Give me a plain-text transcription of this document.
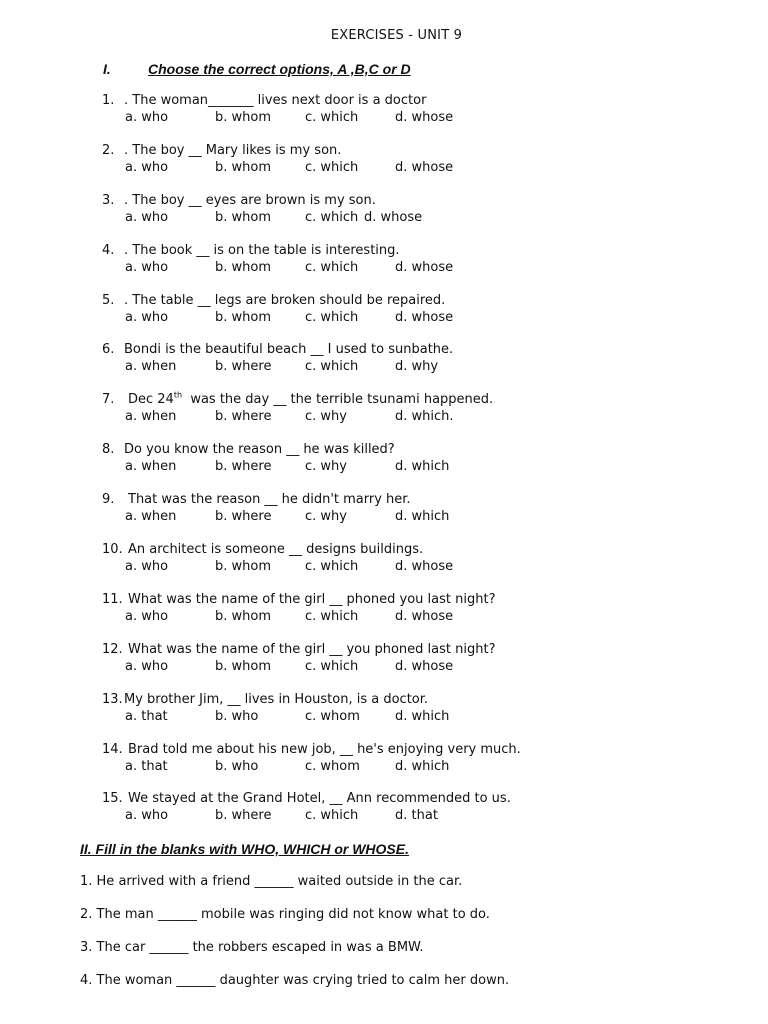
EXERCISES - UNIT 9
I.	Choose the correct options, A ,B,C or D
1. . The woman_______ lives next door is a doctor
a. who	b. whom	c. which	d. whose
2. . The boy __ Mary likes is my son.
a. who	b. whom	c. which	d. whose
3. . The boy __ eyes are brown is my son.
a. who	b. whom	c. which d. whose
4. . The book __ is on the table is interesting.
a. who	b. whom	c. which	d. whose
5. . The table __ legs are broken should be repaired.
a. who	b. whom	c. which	d. whose
6. Bondi is the beautiful beach __ I used to sunbathe.
a. when	b. where	c. which	d. why
7. Dec 24th  was the day __ the terrible tsunami happened.
a. when	b. where	c. why	d. which.
8. Do you know the reason __ he was killed?
a. when	b. where	c. why	d. which
9. That was the reason __ he didn't marry her.
a. when	b. where	c. why	d. which
10. An architect is someone __ designs buildings.
a. who	b. whom	c. which	d. whose
11. What was the name of the girl __ phoned you last night?
a. who	b. whom	c. which	d. whose
12. What was the name of the girl __ you phoned last night?
a. who	b. whom	c. which	d. whose
13. My brother Jim, __ lives in Houston, is a doctor.
a. that	b. who	c. whom	d. which
14. Brad told me about his new job, __ he's enjoying very much.
a. that	b. who	c. whom	d. which
15. We stayed at the Grand Hotel, __ Ann recommended to us.
a. who	b. where	c. which	d. that
II. Fill in the blanks with WHO, WHICH or WHOSE.
1. He arrived with a friend ______ waited outside in the car.
2. The man ______ mobile was ringing did not know what to do.
3. The car ______ the robbers escaped in was a BMW.
4. The woman ______ daughter was crying tried to calm her down.
